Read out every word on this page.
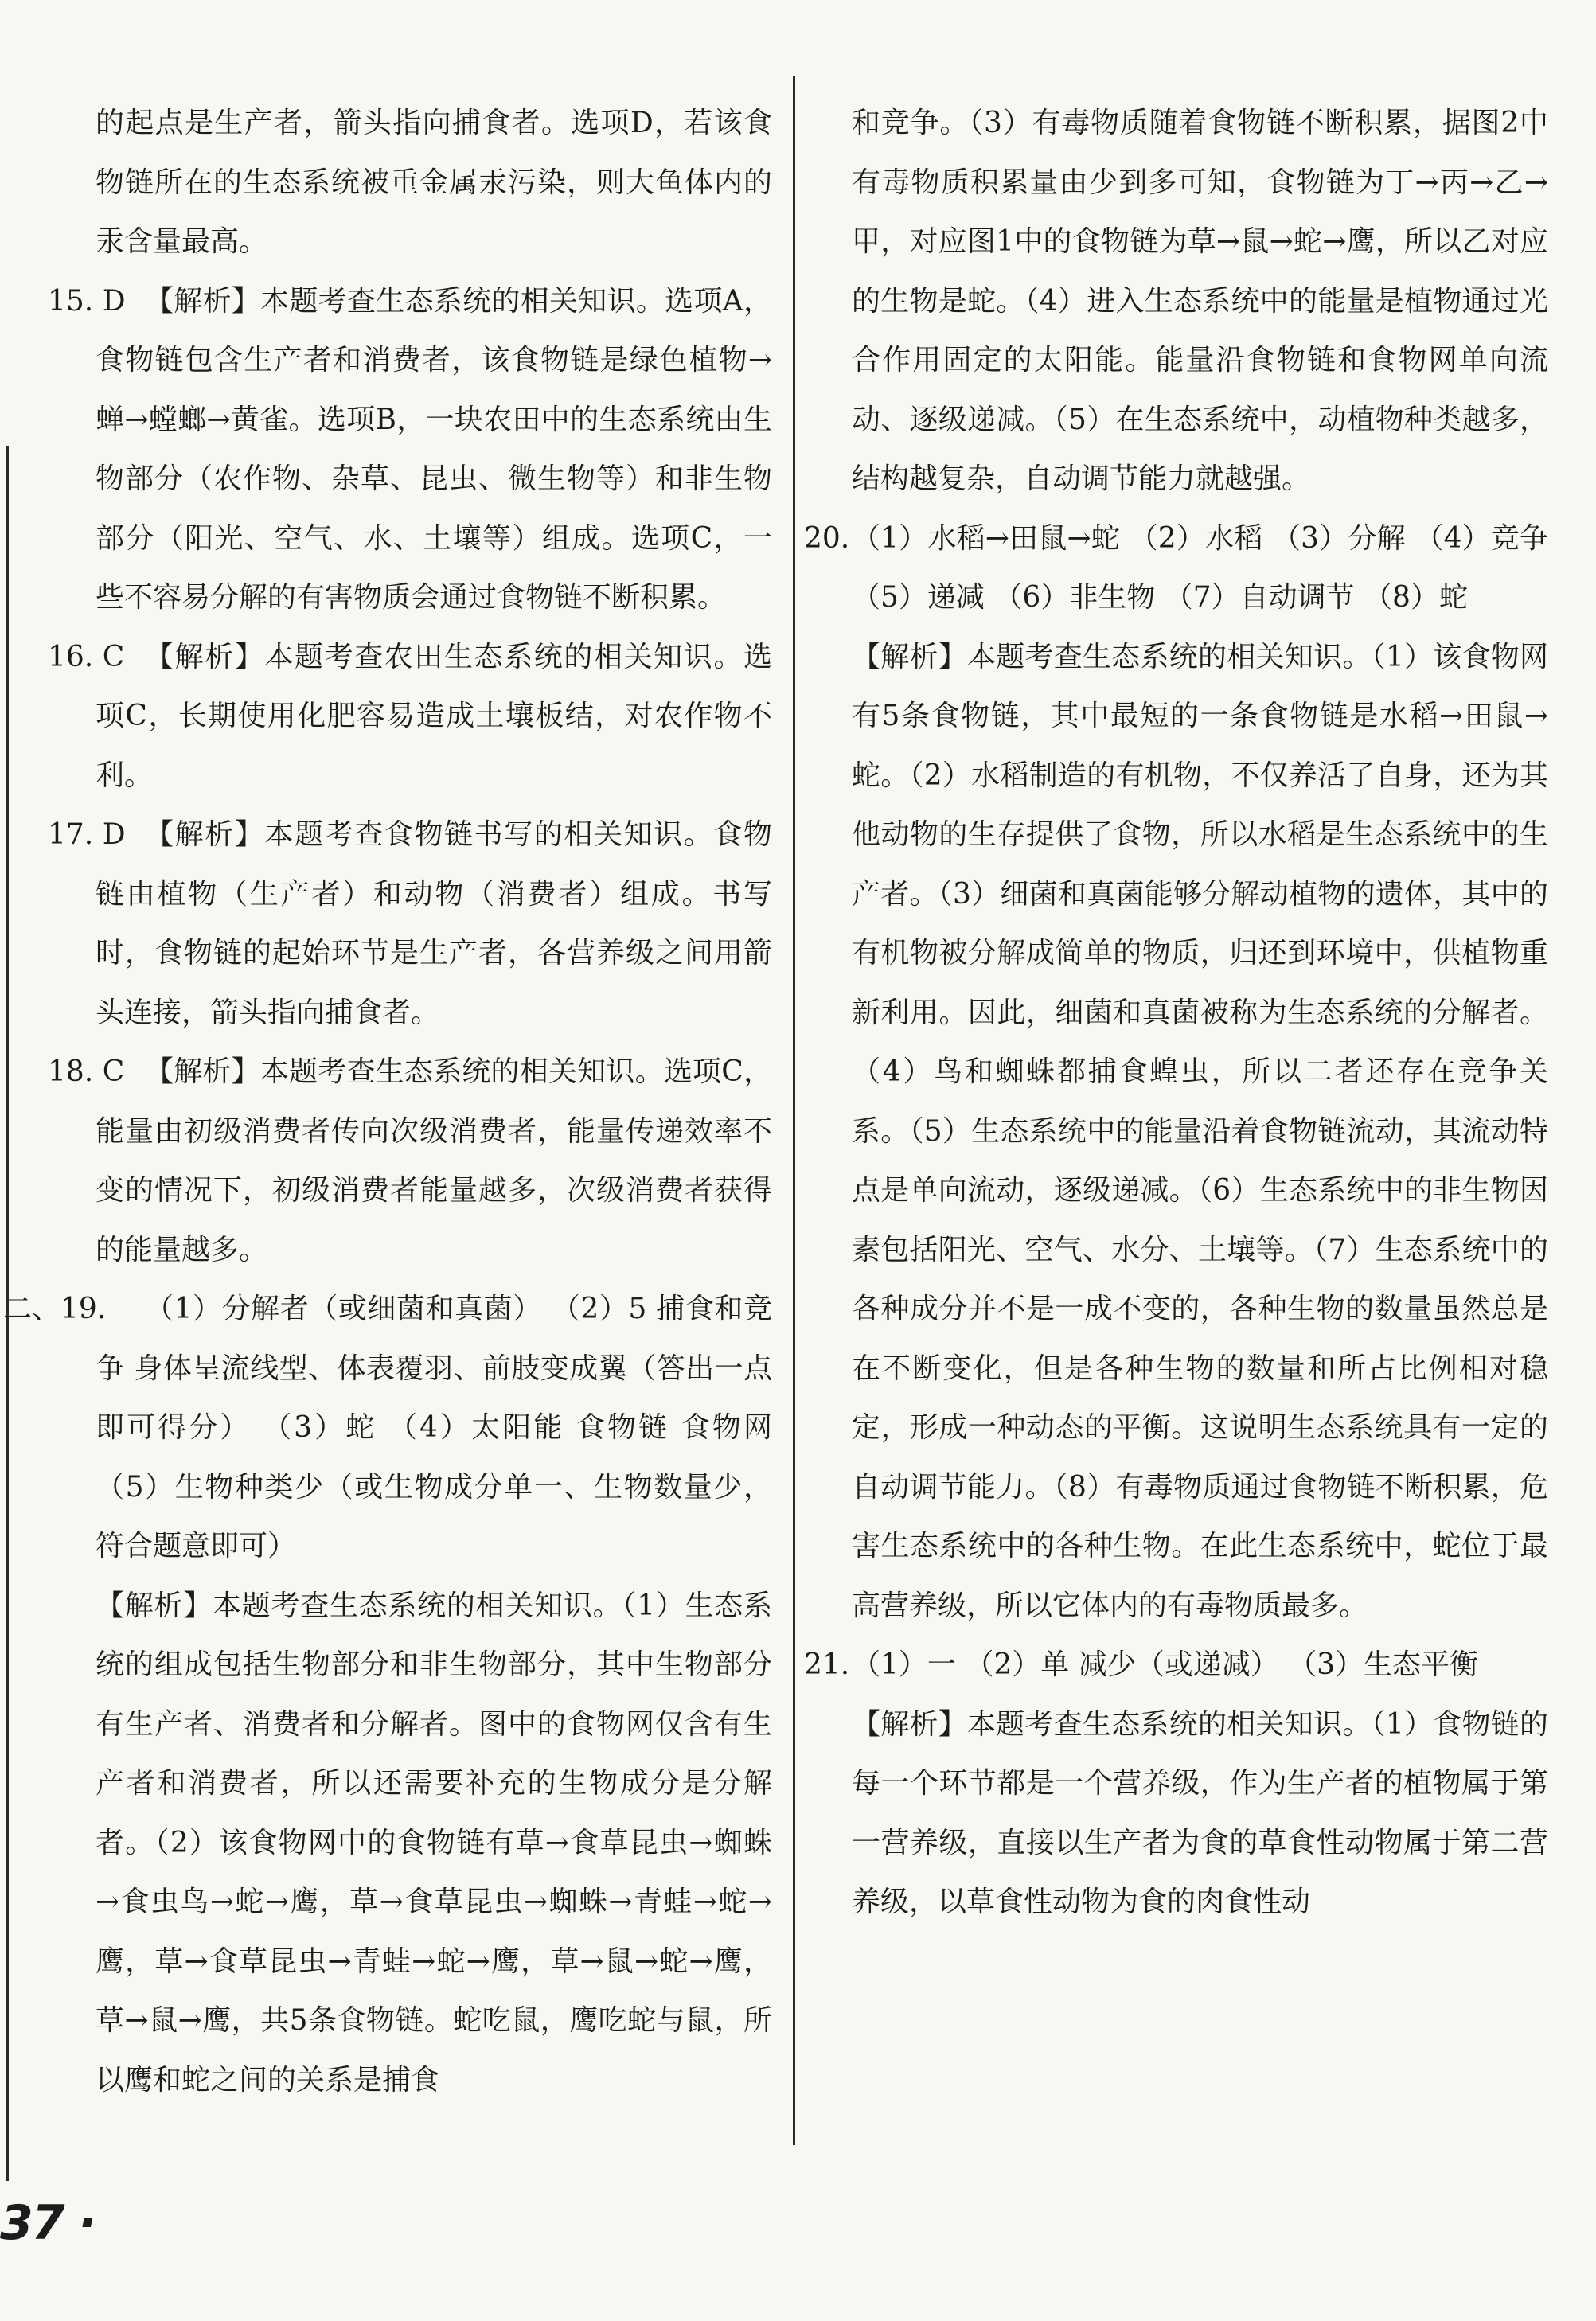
的起点是生产者，箭头指向捕食者。选项D，若该食物链所在的生态系统被重金属汞污染，则大鱼体内的汞含量最高。
15. D 【解析】本题考查生态系统的相关知识。选项A，食物链包含生产者和消费者，该食物链是绿色植物→蝉→螳螂→黄雀。选项B，一块农田中的生态系统由生物部分（农作物、杂草、昆虫、微生物等）和非生物部分（阳光、空气、水、土壤等）组成。选项C，一些不容易分解的有害物质会通过食物链不断积累。
16. C 【解析】本题考查农田生态系统的相关知识。选项C，长期使用化肥容易造成土壤板结，对农作物不利。
17. D 【解析】本题考查食物链书写的相关知识。食物链由植物（生产者）和动物（消费者）组成。书写时，食物链的起始环节是生产者，各营养级之间用箭头连接，箭头指向捕食者。
18. C 【解析】本题考查生态系统的相关知识。选项C，能量由初级消费者传向次级消费者，能量传递效率不变的情况下，初级消费者能量越多，次级消费者获得的能量越多。
二、19.	（1）分解者（或细菌和真菌） （2）5 捕食和竞争 身体呈流线型、体表覆羽、前肢变成翼（答出一点即可得分） （3）蛇 （4）太阳能 食物链 食物网 （5）生物种类少（或生物成分单一、生物数量少，符合题意即可）
【解析】本题考查生态系统的相关知识。（1）生态系统的组成包括生物部分和非生物部分，其中生物部分有生产者、消费者和分解者。图中的食物网仅含有生产者和消费者，所以还需要补充的生物成分是分解者。（2）该食物网中的食物链有草→食草昆虫→蜘蛛→食虫鸟→蛇→鹰，草→食草昆虫→蜘蛛→青蛙→蛇→鹰，草→食草昆虫→青蛙→蛇→鹰，草→鼠→蛇→鹰，草→鼠→鹰，共5条食物链。蛇吃鼠，鹰吃蛇与鼠，所以鹰和蛇之间的关系是捕食
和竞争。（3）有毒物质随着食物链不断积累，据图2中有毒物质积累量由少到多可知，食物链为丁→丙→乙→甲，对应图1中的食物链为草→鼠→蛇→鹰，所以乙对应的生物是蛇。（4）进入生态系统中的能量是植物通过光合作用固定的太阳能。能量沿食物链和食物网单向流动、逐级递减。（5）在生态系统中，动植物种类越多，结构越复杂，自动调节能力就越强。
20. （1）水稻→田鼠→蛇 （2）水稻 （3）分解 （4）竞争 （5）递减 （6）非生物 （7）自动调节 （8）蛇
【解析】本题考查生态系统的相关知识。（1）该食物网有5条食物链，其中最短的一条食物链是水稻→田鼠→蛇。（2）水稻制造的有机物，不仅养活了自身，还为其他动物的生存提供了食物，所以水稻是生态系统中的生产者。（3）细菌和真菌能够分解动植物的遗体，其中的有机物被分解成简单的物质，归还到环境中，供植物重新利用。因此，细菌和真菌被称为生态系统的分解者。（4）鸟和蜘蛛都捕食蝗虫，所以二者还存在竞争关系。（5）生态系统中的能量沿着食物链流动，其流动特点是单向流动，逐级递减。（6）生态系统中的非生物因素包括阳光、空气、水分、土壤等。（7）生态系统中的各种成分并不是一成不变的，各种生物的数量虽然总是在不断变化，但是各种生物的数量和所占比例相对稳定，形成一种动态的平衡。这说明生态系统具有一定的自动调节能力。（8）有毒物质通过食物链不断积累，危害生态系统中的各种生物。在此生态系统中，蛇位于最高营养级，所以它体内的有毒物质最多。
21. （1）一 （2）单 减少（或递减） （3）生态平衡
【解析】本题考查生态系统的相关知识。（1）食物链的每一个环节都是一个营养级，作为生产者的植物属于第一营养级，直接以生产者为食的草食性动物属于第二营养级，以草食性动物为食的肉食性动
37 ·
